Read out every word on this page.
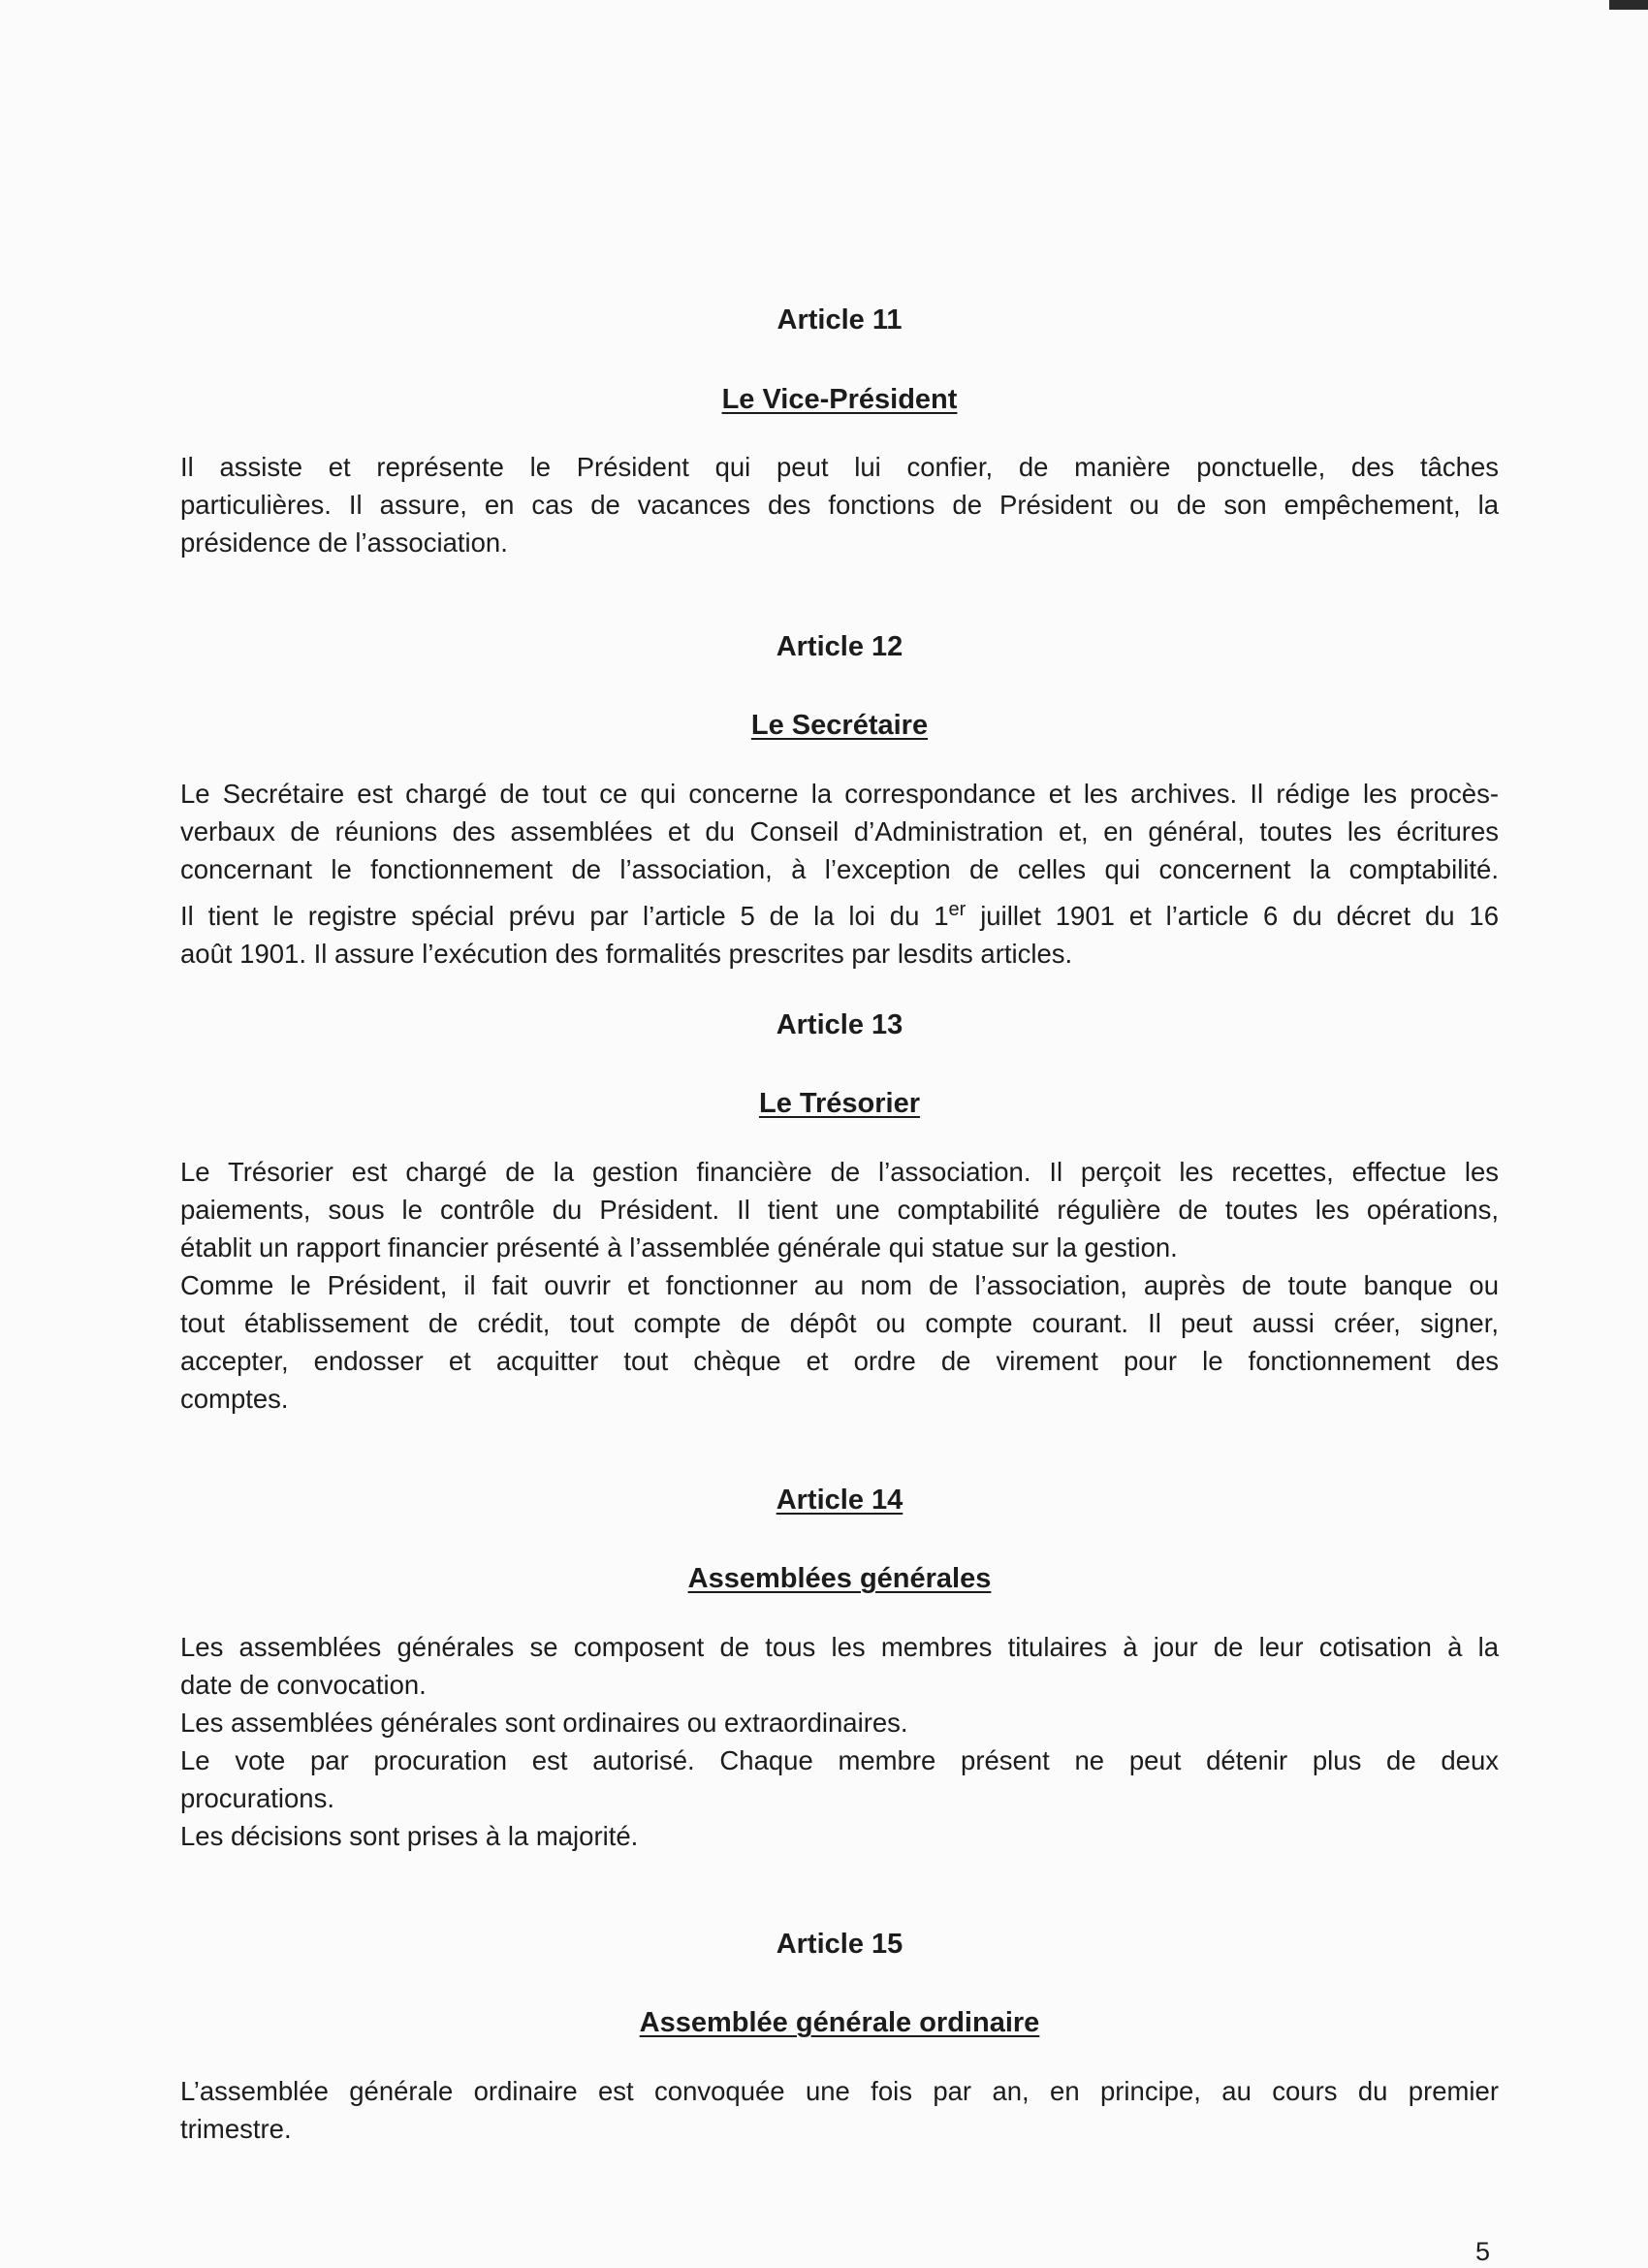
Article 11
Le Vice-Président
Il assiste et représente le Président qui peut lui confier, de manière ponctuelle, des tâches
particulières. Il assure, en cas de vacances des fonctions de Président ou de son empêchement, la
présidence de l’association.
Article 12
Le Secrétaire
Le Secrétaire est chargé de tout ce qui concerne la correspondance et les archives. Il rédige les procès-
verbaux de réunions des assemblées et du Conseil d’Administration et, en général, toutes les écritures
concernant le fonctionnement de l’association, à l’exception de celles qui concernent la comptabilité.
Il tient le registre spécial prévu par l’article 5 de la loi du 1er juillet 1901 et l’article 6 du décret du 16
août 1901. Il assure l’exécution des formalités prescrites par lesdits articles.
Article 13
Le Trésorier
Le Trésorier est chargé de la gestion financière de l’association. Il perçoit les recettes, effectue les
paiements, sous le contrôle du Président. Il tient une comptabilité régulière de toutes les opérations,
établit un rapport financier présenté à l’assemblée générale qui statue sur la gestion.
Comme le Président, il fait ouvrir et fonctionner au nom de l’association, auprès de toute banque ou
tout établissement de crédit, tout compte de dépôt ou compte courant. Il peut aussi créer, signer,
accepter, endosser et acquitter tout chèque et ordre de virement pour le fonctionnement des
comptes.
Article 14
Assemblées générales
Les assemblées générales se composent de tous les membres titulaires à jour de leur cotisation à la
date de convocation.
Les assemblées générales sont ordinaires ou extraordinaires.
Le vote par procuration est autorisé. Chaque membre présent ne peut détenir plus de deux
procurations.
Les décisions sont prises à la majorité.
Article 15
Assemblée générale ordinaire
L’assemblée générale ordinaire est convoquée une fois par an, en principe, au cours du premier
trimestre.
5
